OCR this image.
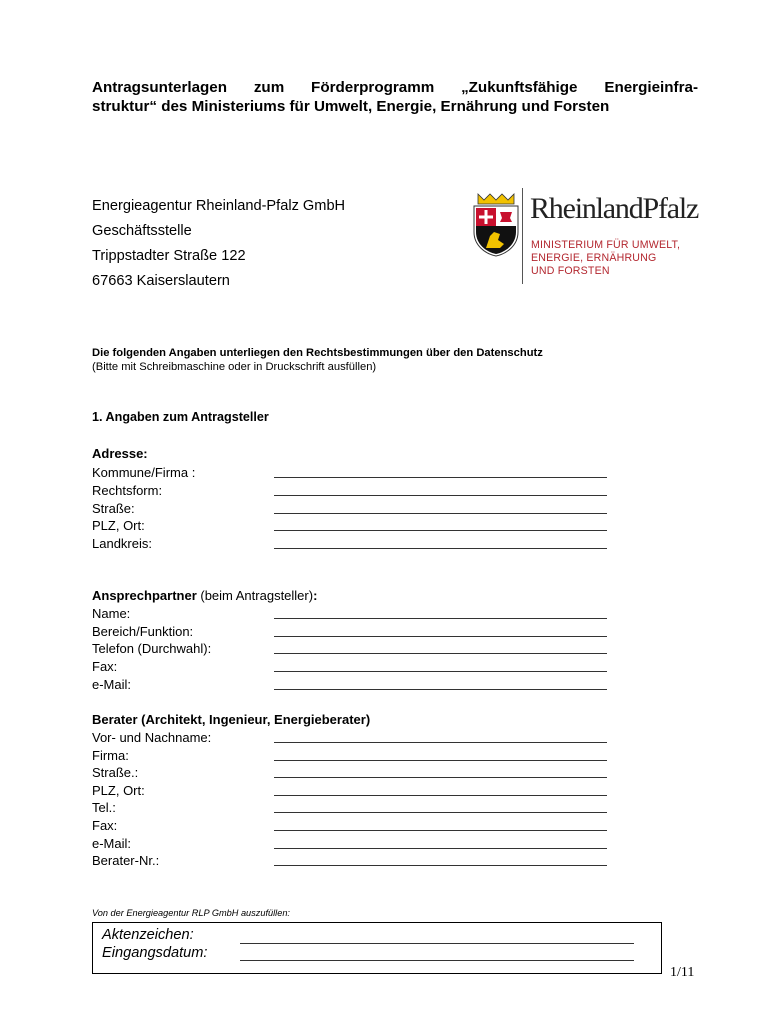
Antragsunterlagen zum Förderprogramm „Zukunftsfähige Energieinfra-
struktur“ des Ministeriums für Umwelt, Energie, Ernährung und Forsten
Energieagentur Rheinland-Pfalz GmbH
Geschäftsstelle
Trippstadter Straße 122
67663 Kaiserslautern
RheinlandPfalz
MINISTERIUM FÜR UMWELT,
ENERGIE, ERNÄHRUNG
UND FORSTEN
Die folgenden Angaben unterliegen den Rechtsbestimmungen über den Datenschutz
(Bitte mit Schreibmaschine oder in Druckschrift ausfüllen)
1. Angaben zum Antragsteller
Adresse:
Kommune/Firma :
Rechtsform:
Straße:
PLZ, Ort:
Landkreis:
Ansprechpartner (beim Antragsteller):
Name:
Bereich/Funktion:
Telefon (Durchwahl):
Fax:
e-Mail:
Berater (Architekt, Ingenieur, Energieberater)
Vor- und Nachname:
Firma:
Straße.:
PLZ, Ort:
Tel.:
Fax:
e-Mail:
Berater-Nr.:
Von der Energieagentur RLP GmbH auszufüllen:
Aktenzeichen:
Eingangsdatum:
1/11
